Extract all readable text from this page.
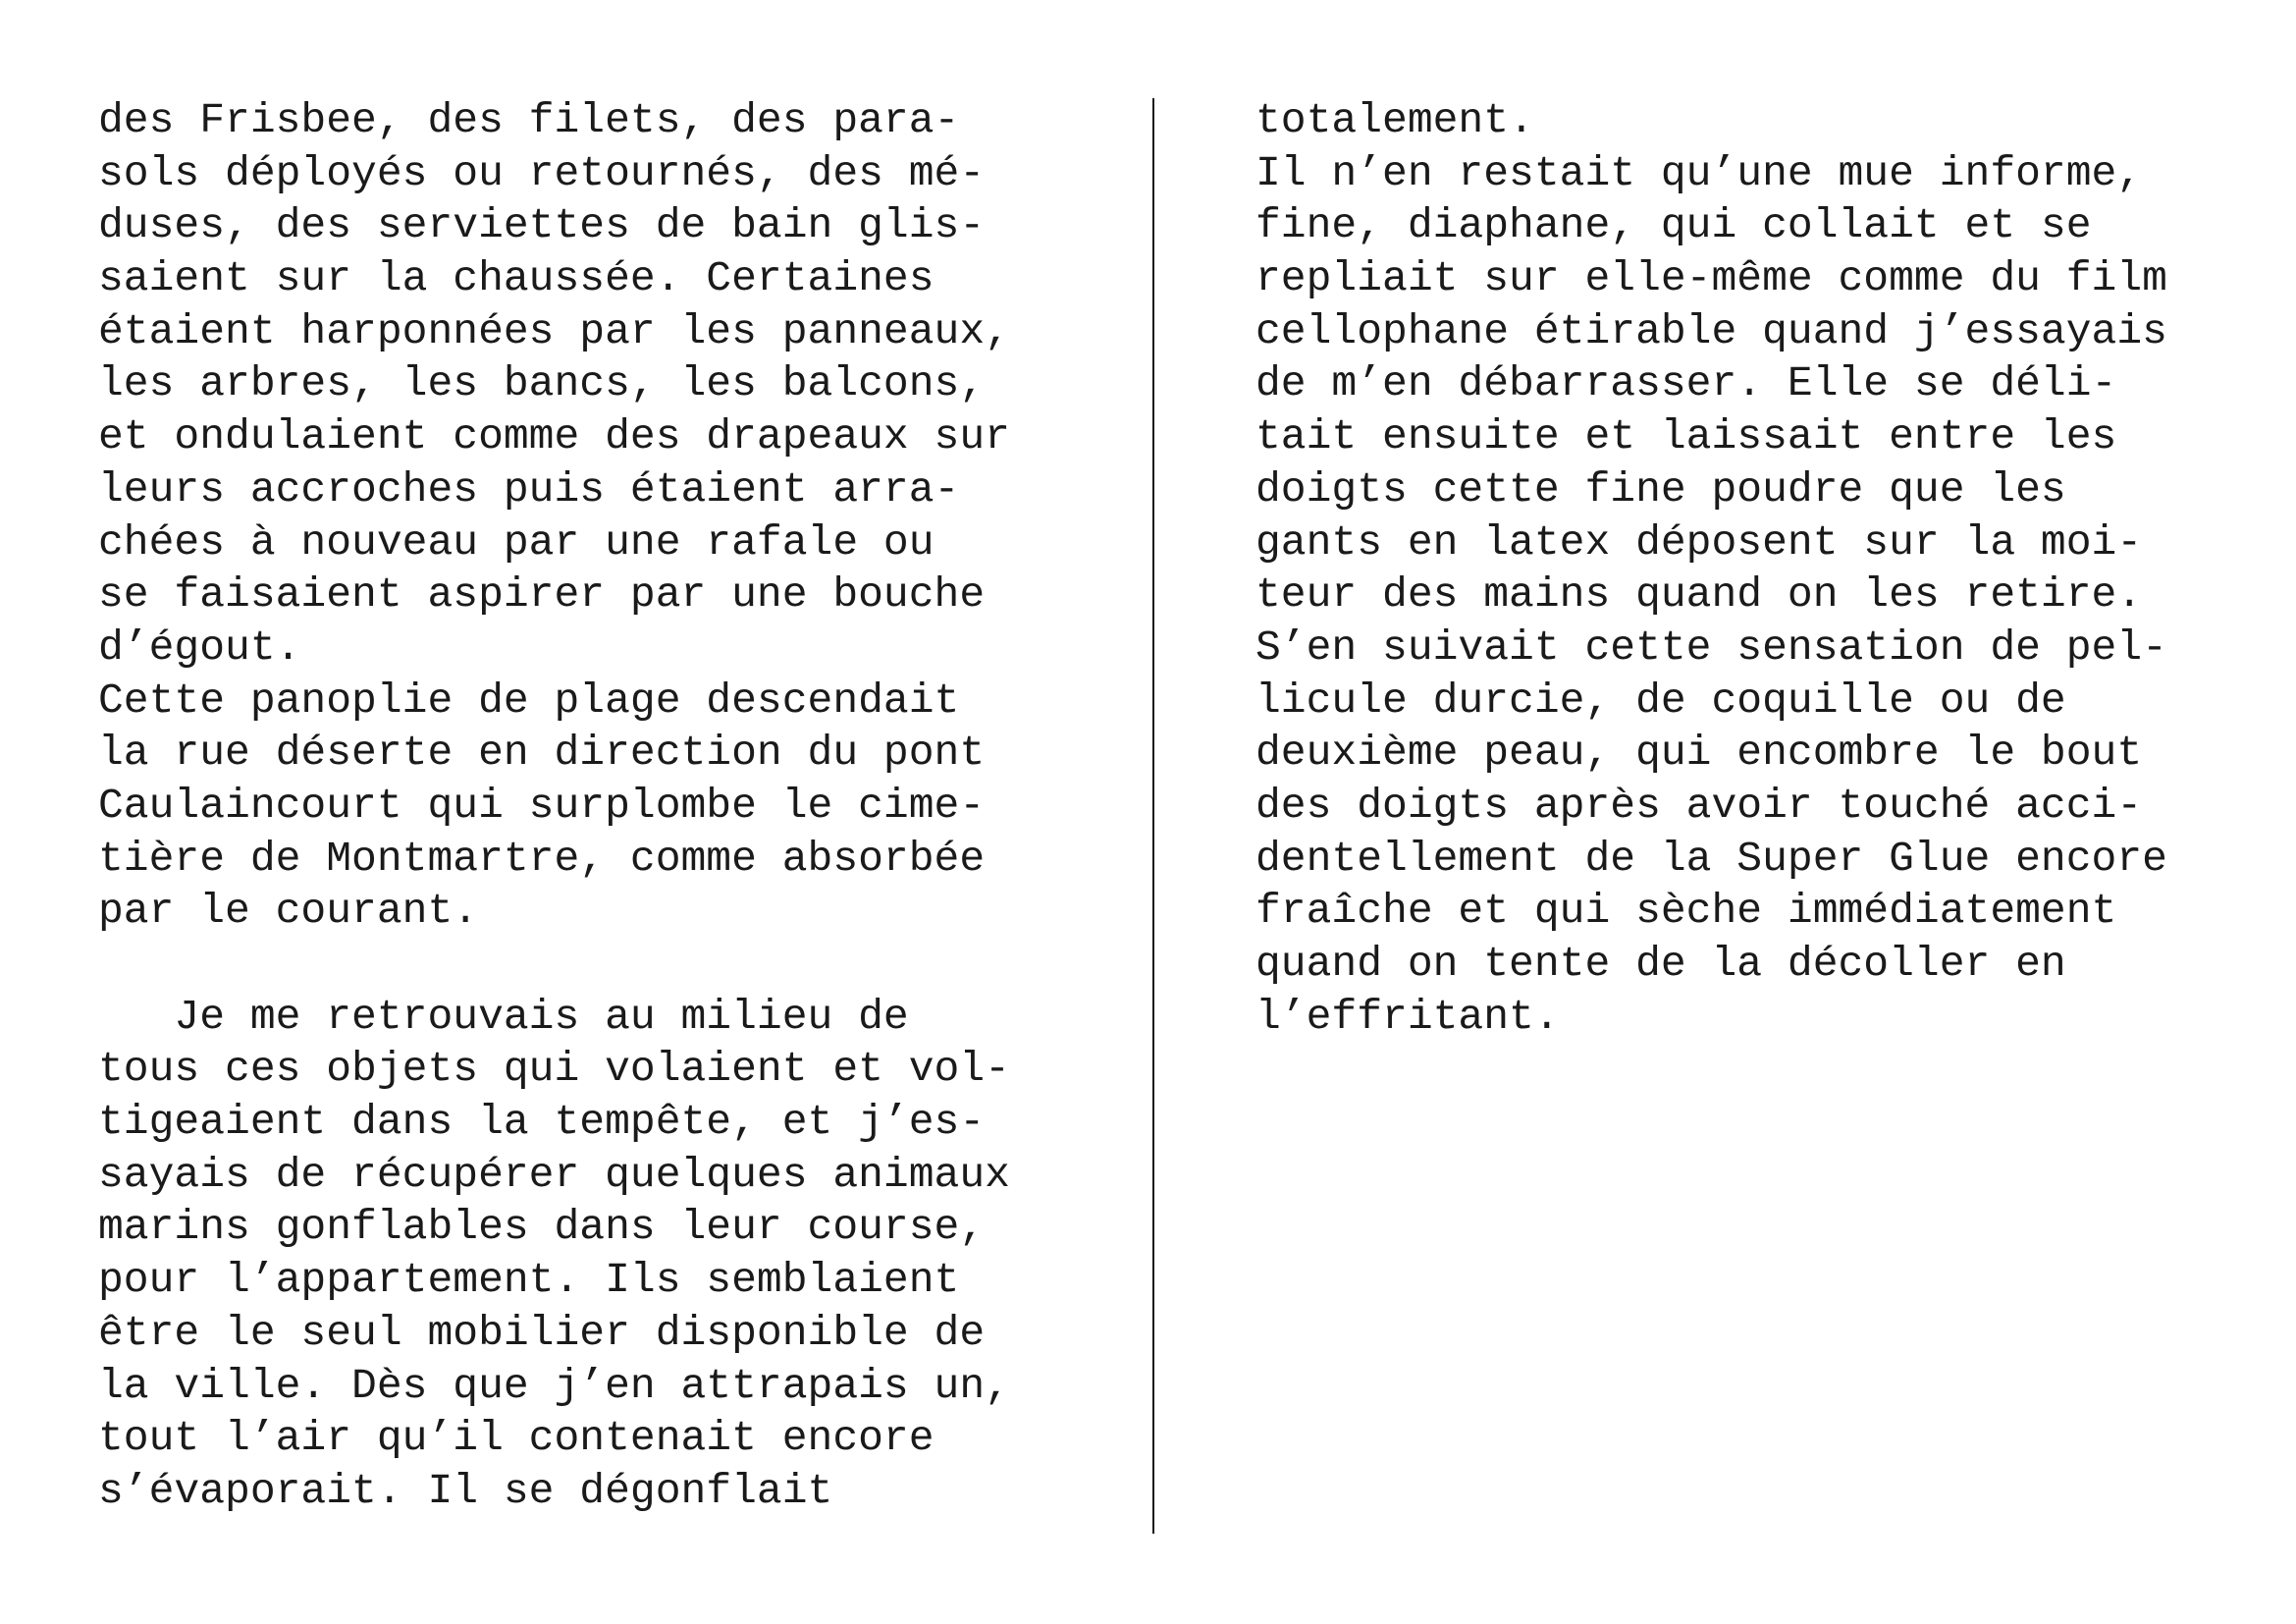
des Frisbee, des filets, des para-
sols déployés ou retournés, des mé-
duses, des serviettes de bain glis-
saient sur la chaussée. Certaines
étaient harponnées par les panneaux,
les arbres, les bancs, les balcons,
et ondulaient comme des drapeaux sur
leurs accroches puis étaient arra-
chées à nouveau par une rafale ou
se faisaient aspirer par une bouche
d’égout.
Cette panoplie de plage descendait
la rue déserte en direction du pont
Caulaincourt qui surplombe le cime-
tière de Montmartre, comme absorbée
par le courant.

Je me retrouvais au milieu de
tous ces objets qui volaient et vol-
tigeaient dans la tempête, et j’es-
sayais de récupérer quelques animaux
marins gonflables dans leur course,
pour l’appartement. Ils semblaient
être le seul mobilier disponible de
la ville. Dès que j’en attrapais un,
tout l’air qu’il contenait encore
s’évaporait. Il se dégonflait
totalement.
Il n’en restait qu’une mue informe,
fine, diaphane, qui collait et se
repliait sur elle-même comme du film
cellophane étirable quand j’essayais
de m’en débarrasser. Elle se déli-
tait ensuite et laissait entre les
doigts cette fine poudre que les
gants en latex déposent sur la moi-
teur des mains quand on les retire.
S’en suivait cette sensation de pel-
licule durcie, de coquille ou de
deuxième peau, qui encombre le bout
des doigts après avoir touché acci-
dentellement de la Super Glue encore
fraîche et qui sèche immédiatement
quand on tente de la décoller en
l’effritant.
